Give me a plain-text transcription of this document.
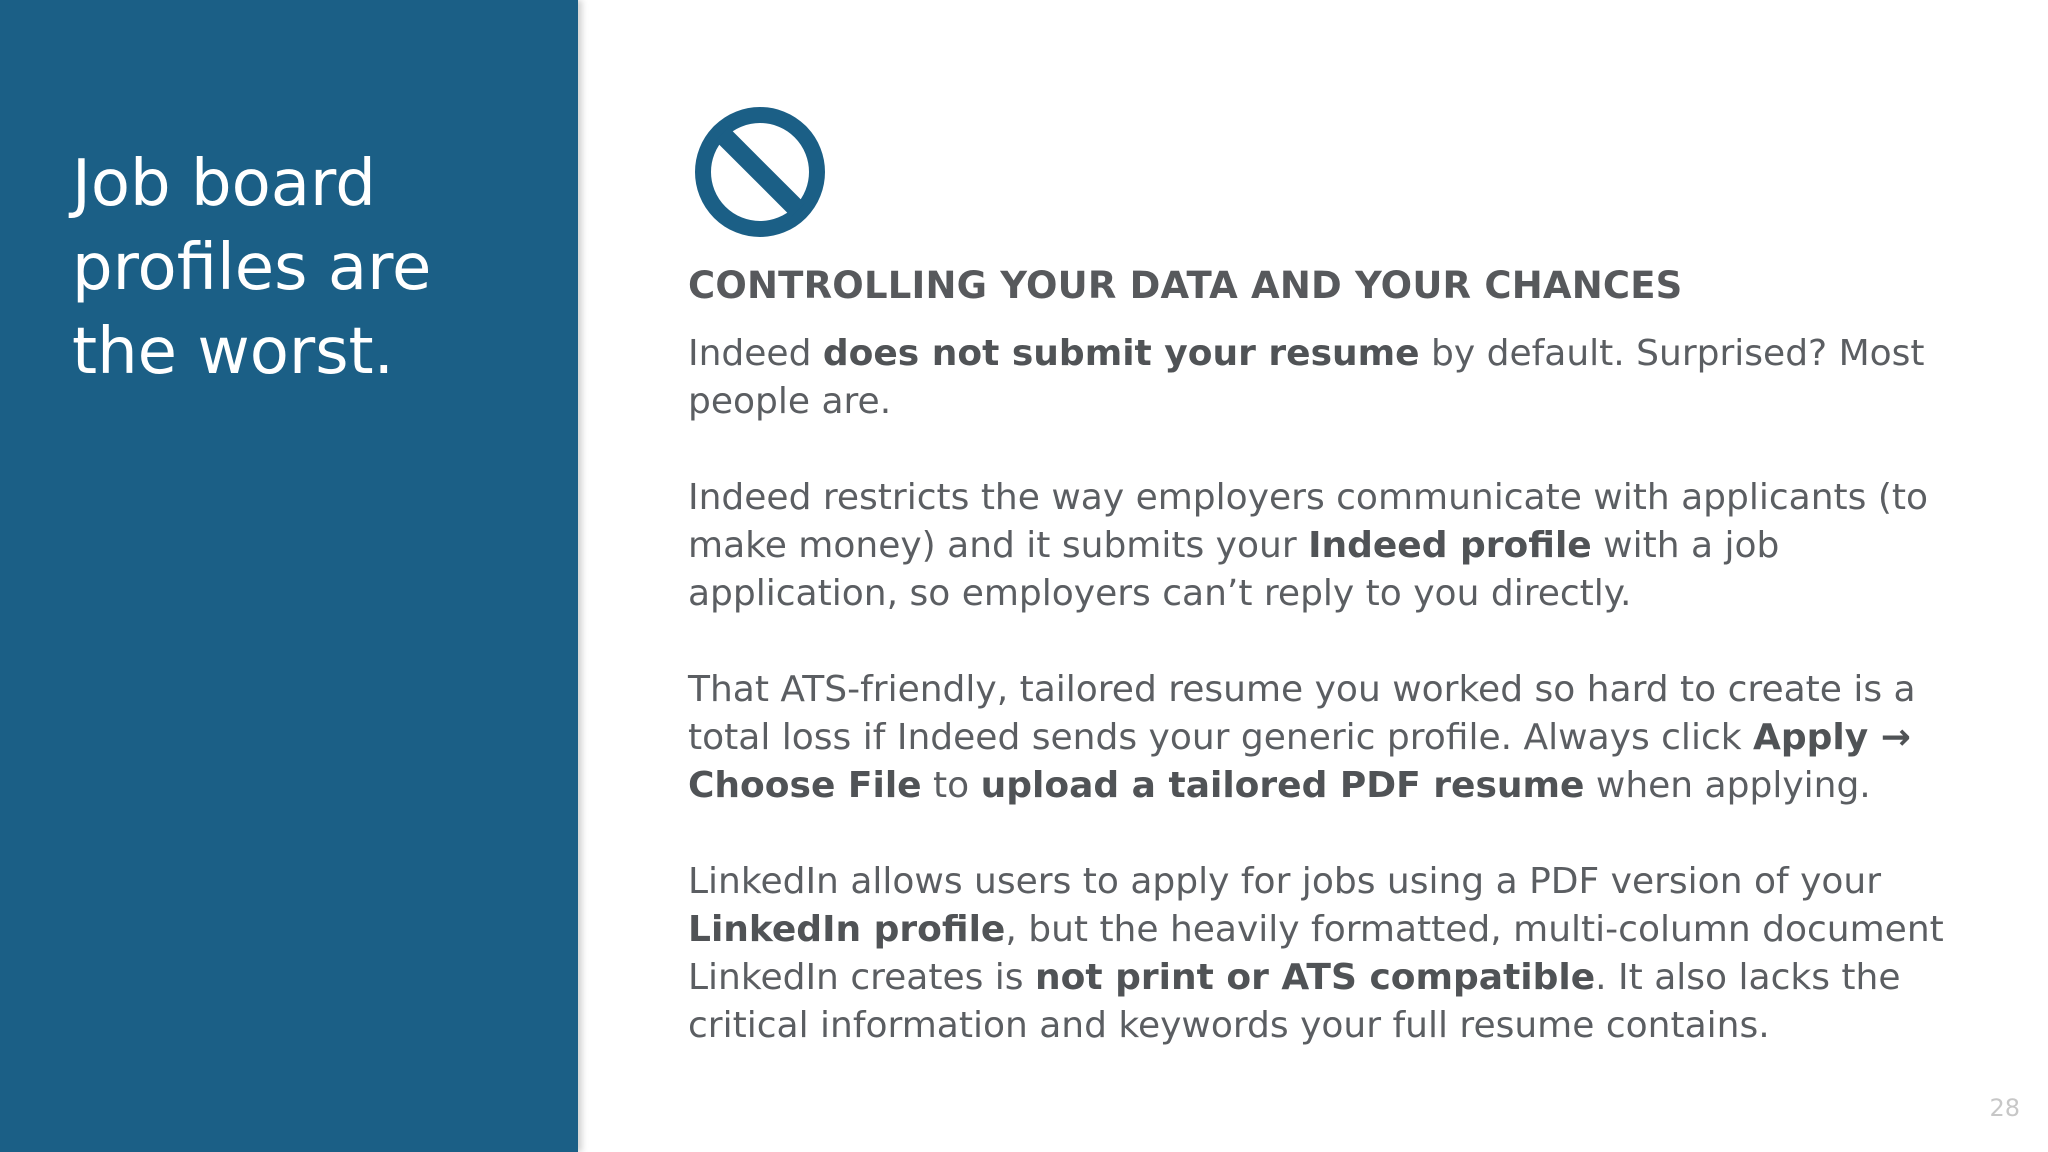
Job board profiles are the worst.
CONTROLLING YOUR DATA AND YOUR CHANCES

Indeed does not submit your resume by default. Surprised? Most people are.

Indeed restricts the way employers communicate with applicants (to make money) and it submits your Indeed profile with a job application, so employers can’t reply to you directly.

That ATS-friendly, tailored resume you worked so hard to create is a total loss if Indeed sends your generic profile. Always click Apply → Choose File to upload a tailored PDF resume when applying.

LinkedIn allows users to apply for jobs using a PDF version of your LinkedIn profile, but the heavily formatted, multi-column document LinkedIn creates is not print or ATS compatible. It also lacks the critical information and keywords your full resume contains.

28
